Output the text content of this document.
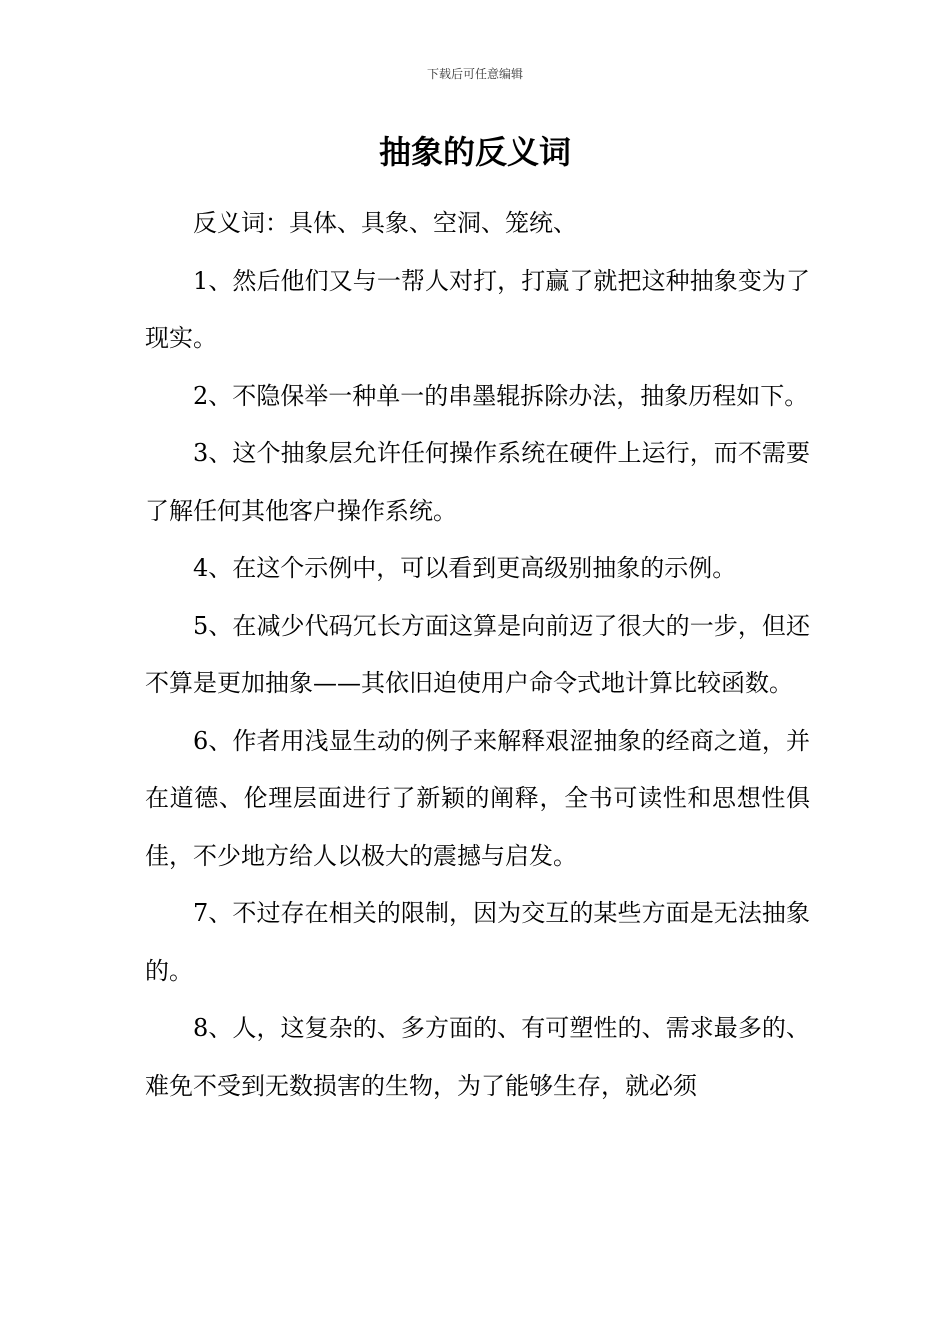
下载后可任意编辑
抽象的反义词

反义词：具体、具象、空洞、笼统、

1、然后他们又与一帮人对打，打赢了就把这种抽象变为了现实。

2、不隐保举一种单一的串墨辊拆除办法，抽象历程如下。

3、这个抽象层允许任何操作系统在硬件上运行，而不需要了解任何其他客户操作系统。

4、在这个示例中，可以看到更高级别抽象的示例。

5、在减少代码冗长方面这算是向前迈了很大的一步，但还不算是更加抽象——其依旧迫使用户命令式地计算比较函数。

6、作者用浅显生动的例子来解释艰涩抽象的经商之道，并在道德、伦理层面进行了新颖的阐释，全书可读性和思想性俱佳，不少地方给人以极大的震撼与启发。

7、不过存在相关的限制，因为交互的某些方面是无法抽象的。

8、人，这复杂的、多方面的、有可塑性的、需求最多的、难免不受到无数损害的生物，为了能够生存，就必须
